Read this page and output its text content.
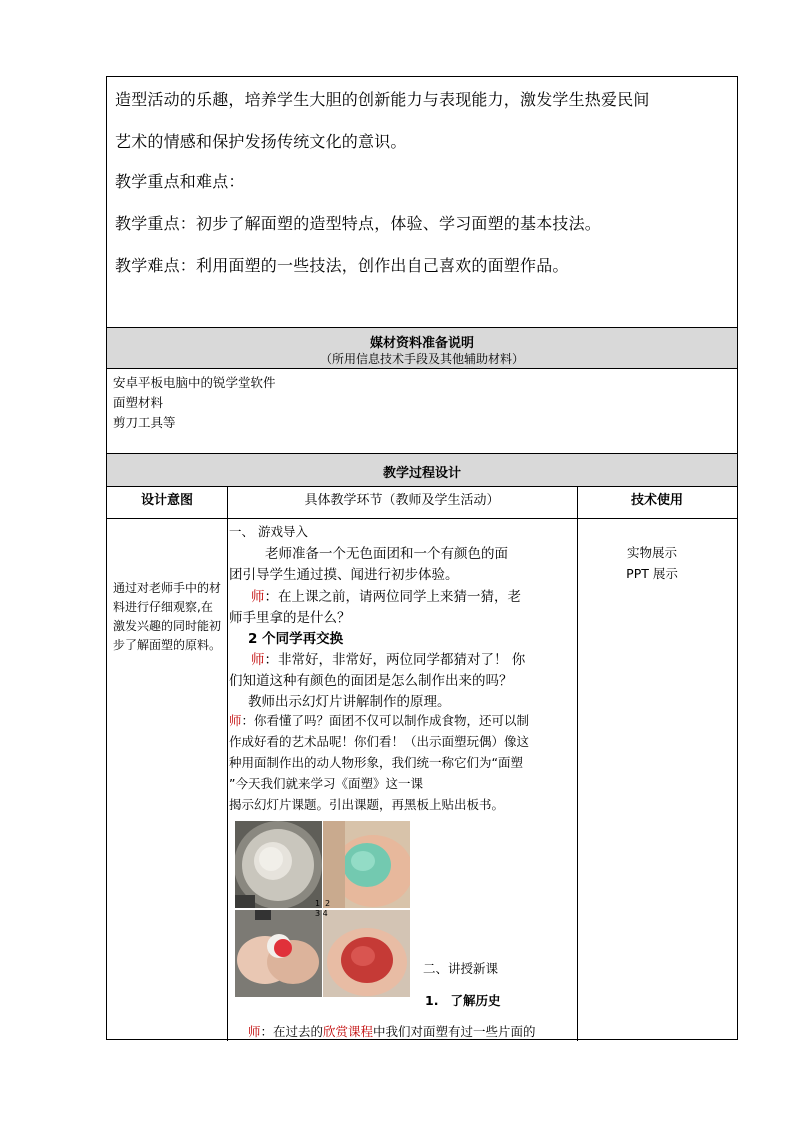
造型活动的乐趣，培养学生大胆的创新能力与表现能力，激发学生热爱民间

艺术的情感和保护发扬传统文化的意识。

教学重点和难点：

教学重点：初步了解面塑的造型特点，体验、学习面塑的基本技法。

教学难点：利用面塑的一些技法，创作出自己喜欢的面塑作品。

媒材资料准备说明
（所用信息技术手段及其他辅助材料）

安卓平板电脑中的锐学堂软件

面塑材料

剪刀工具等

教学过程设计
设计意图	具体教学环节（教师及学生活动）	技术使用

通过对老师手中的材料进行仔细观察,在激发兴趣的同时能初步了解面塑的原料。

实物展示

PPT 展示

一、 游戏导入

老师准备一个无色面团和一个有颜色的面

团引导学生通过摸、闻进行初步体验。

师：在上课之前，请两位同学上来猜一猜，老

师手里拿的是什么？

2 个同学再交换

师：非常好，非常好，两位同学都猜对了！ 你

们知道这种有颜色的面团是怎么制作出来的吗？

教师出示幻灯片讲解制作的原理。

师：你看懂了吗？面团不仅可以制作成食物，还可以制

作成好看的艺术品呢！你们看！（出示面塑玩偶）像这

种用面制作出的动人物形象，我们统一称它们为“面塑

”今天我们就来学习《面塑》这一课

揭示幻灯片课题。引出课题，再黑板上贴出板书。

1 2
3 4

二、讲授新课

1. 了解历史

师：在过去的欣赏课程中我们对面塑有过一些片面的
